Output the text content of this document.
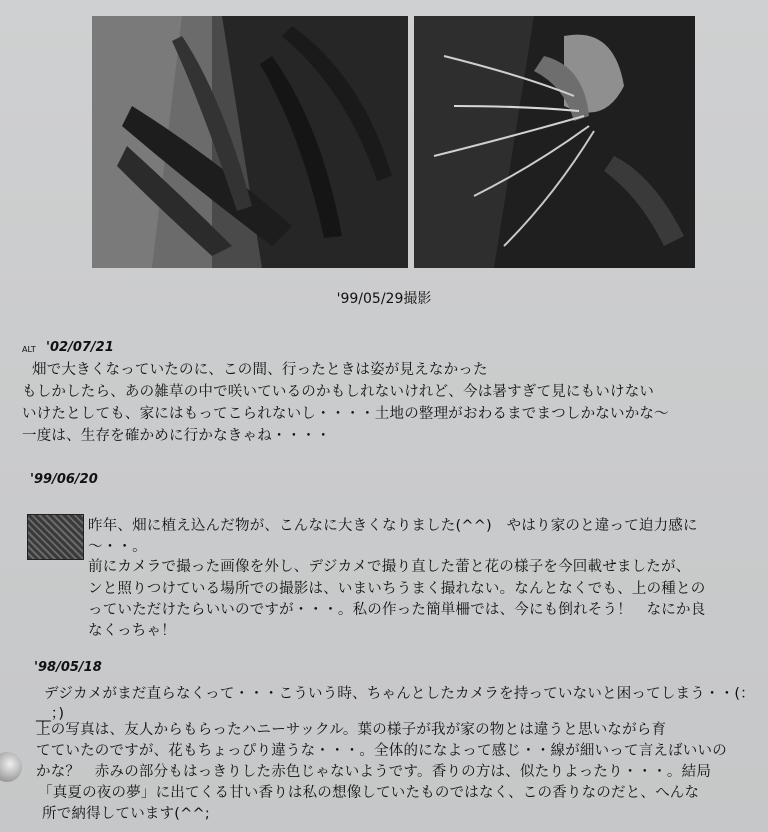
'99/05/29撮影
ALT '02/07/21
畑で大きくなっていたのに、この間、行ったときは姿が見えなかった
もしかしたら、あの雑草の中で咲いているのかもしれないけれど、今は暑すぎて見にもいけない
いけたとしても、家にはもってこられないし・・・・土地の整理がおわるまでまつしかないかな～
一度は、生存を確かめに行かなきゃね・・・・
'99/06/20
昨年、畑に植え込んだ物が、こんなに大きくなりました(^^)　やはり家のと違って迫力感に
～・・。
前にカメラで撮った画像を外し、デジカメで撮り直した蕾と花の様子を今回載せましたが、
ンと照りつけている場所での撮影は、いまいちうまく撮れない。なんとなくでも、上の種との
っていただけたらいいのですが・・・。私の作った簡単柵では、今にも倒れそう！　なにか良
なくっちゃ！
'98/05/18
デジカメがまだ直らなくって・・・こういう時、ちゃんとしたカメラを持っていないと困ってしまう・・(：
__；)
上の写真は、友人からもらったハニーサックル。葉の様子が我が家の物とは違うと思いながら育
てていたのですが、花もちょっぴり違うな・・・。全体的になよって感じ・・線が細いって言えばいいの
かな？　赤みの部分もはっきりした赤色じゃないようです。香りの方は、似たりよったり・・・。結局
「真夏の夜の夢」に出てくる甘い香りは私の想像していたものではなく、この香りなのだと、へんな
所で納得しています(^^;
